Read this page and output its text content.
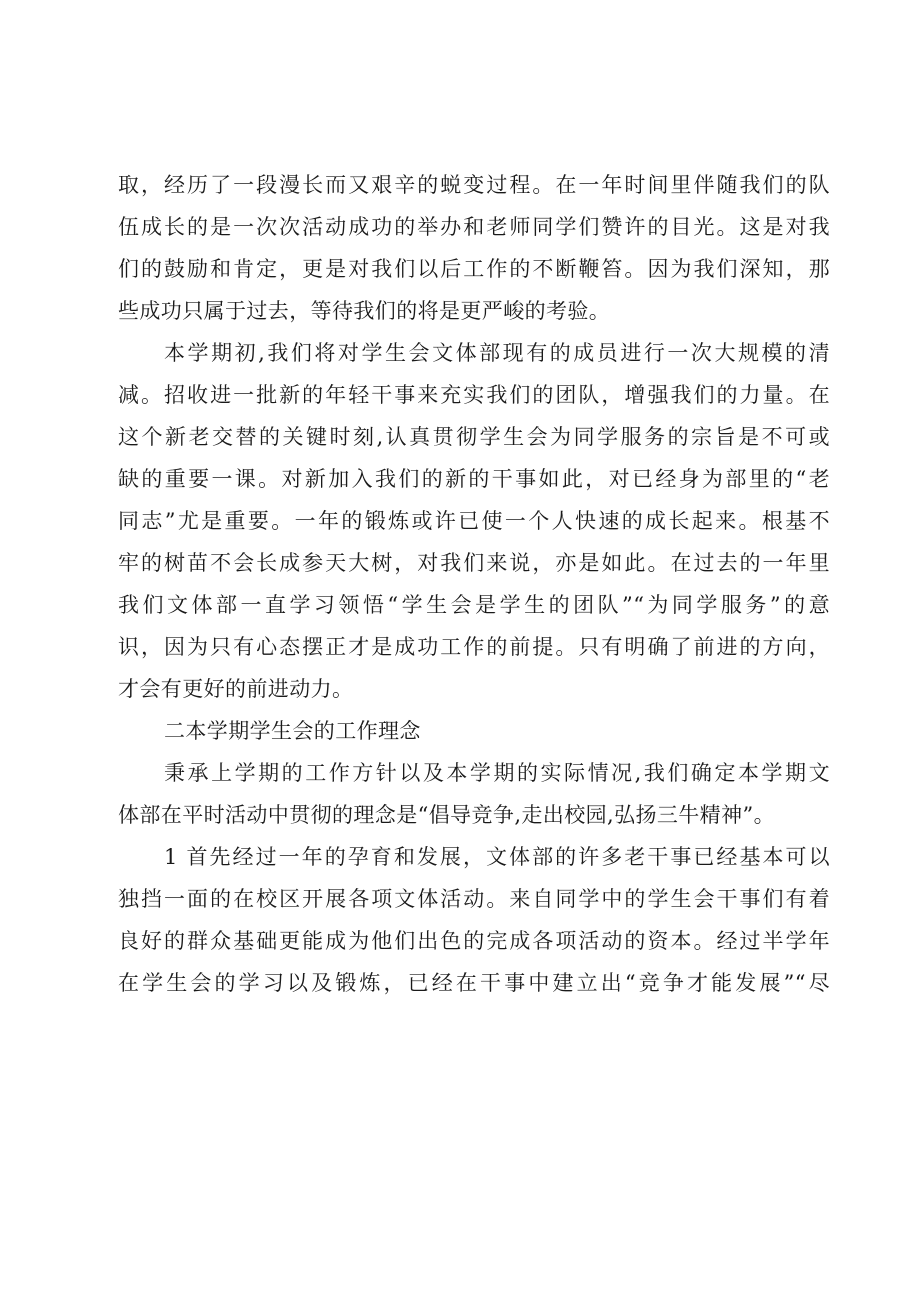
取，经历了一段漫长而又艰辛的蜕变过程。在一年时间里伴随我们的队
伍成长的是一次次活动成功的举办和老师同学们赞许的目光。这是对我
们的鼓励和肯定，更是对我们以后工作的不断鞭笞。因为我们深知，那
些成功只属于过去，等待我们的将是更严峻的考验。
本学期初,我们将对学生会文体部现有的成员进行一次大规模的清
减。招收进一批新的年轻干事来充实我们的团队，增强我们的力量。在
这个新老交替的关键时刻,认真贯彻学生会为同学服务的宗旨是不可或
缺的重要一课。对新加入我们的新的干事如此，对已经身为部里的“老
同志”尤是重要。一年的锻炼或许已使一个人快速的成长起来。根基不
牢的树苗不会长成参天大树，对我们来说，亦是如此。在过去的一年里
我们文体部一直学习领悟“学生会是学生的团队”“为同学服务”的意
识，因为只有心态摆正才是成功工作的前提。只有明确了前进的方向，
才会有更好的前进动力。
二本学期学生会的工作理念
秉承上学期的工作方针以及本学期的实际情况,我们确定本学期文
体部在平时活动中贯彻的理念是“倡导竞争,走出校园,弘扬三牛精神”。
1 首先经过一年的孕育和发展，文体部的许多老干事已经基本可以
独挡一面的在校区开展各项文体活动。来自同学中的学生会干事们有着
良好的群众基础更能成为他们出色的完成各项活动的资本。经过半学年
在学生会的学习以及锻炼，已经在干事中建立出“竞争才能发展”“尽
